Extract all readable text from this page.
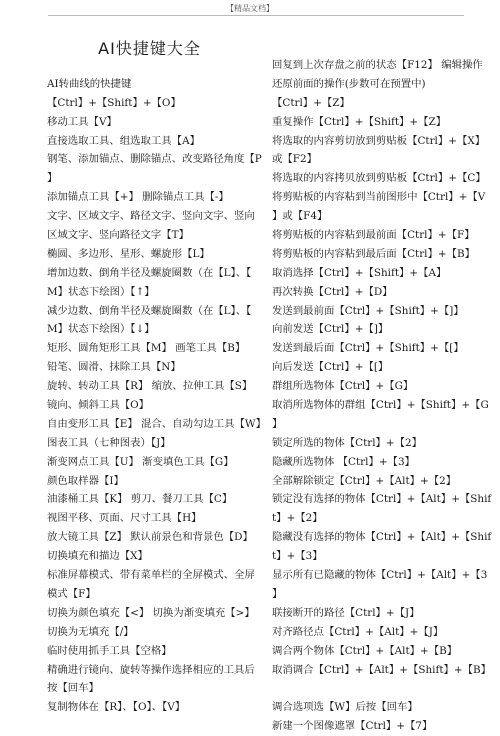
【精品文档】
AI快捷键大全
AI转曲线的快捷键
【Ctrl】+【Shift】+【O】
移动工具【V】
直接选取工具、组选取工具【A】
钢笔、添加锚点、删除锚点、改变路径角度【P
】
添加锚点工具【+】 删除锚点工具【-】
文字、区域文字、路径文字、竖向文字、竖向
区域文字、竖向路径文字【T】
椭圆、多边形、星形、螺旋形【L】
增加边数、倒角半径及螺旋圈数（在【L】、【
M】状态下绘图）【↑】
减少边数、倒角半径及螺旋圈数（在【L】、【
M】状态下绘图）【↓】
矩形、圆角矩形工具【M】 画笔工具【B】
铅笔、圆滑、抹除工具【N】
旋转、转动工具【R】 缩放、拉伸工具【S】
镜向、倾斜工具【O】
自由变形工具【E】 混合、自动勾边工具【W】
图表工具（七种图表）【J】
渐变网点工具【U】 渐变填色工具【G】
颜色取样器【I】
油漆桶工具【K】 剪刀、餐刀工具【C】
视图平移、页面、尺寸工具【H】
放大镜工具【Z】 默认前景色和背景色【D】
切换填充和描边【X】
标准屏幕模式、带有菜单栏的全屏模式、全屏
模式【F】
切换为颜色填充【<】 切换为渐变填充【>】
切换为无填充【/】
临时使用抓手工具【空格】
精确进行镜向、旋转等操作选择相应的工具后
按【回车】
复制物体在【R】、【O】、【V】
回复到上次存盘之前的状态【F12】 编辑操作
还原前面的操作(步数可在预置中)
【Ctrl】+【Z】
重复操作【Ctrl】+【Shift】+【Z】
将选取的内容剪切放到剪贴板【Ctrl】+【X】
或【F2】
将选取的内容拷贝放到剪贴板【Ctrl】+【C】
将剪贴板的内容粘到当前图形中【Ctrl】+【V
】或【F4】
将剪贴板的内容粘到最前面【Ctrl】+【F】
将剪贴板的内容粘到最后面【Ctrl】+【B】
取消选择【Ctrl】+【Shift】+【A】
再次转换【Ctrl】+【D】
发送到最前面【Ctrl】+【Shift】+【]】
向前发送【Ctrl】+【]】
发送到最后面【Ctrl】+【Shift】+【[】
向后发送【Ctrl】+【[】
群组所选物体【Ctrl】+【G】
取消所选物体的群组【Ctrl】+【Shift】+【G
】
锁定所选的物体【Ctrl】+【2】
隐藏所选物体 【Ctrl】+【3】
全部解除锁定【Ctrl】+【Alt】+【2】
锁定没有选择的物体【Ctrl】+【Alt】+【Shif
t】+【2】
隐藏没有选择的物体【Ctrl】+【Alt】+【Shif
t】+【3】
显示所有已隐藏的物体【Ctrl】+【Alt】+【3
】
联接断开的路径【Ctrl】+【J】
对齐路径点【Ctrl】+【Alt】+【J】
调合两个物体【Ctrl】+【Alt】+【B】
取消调合【Ctrl】+【Alt】+【Shift】+【B】
调合选项选【W】后按【回车】
新建一个图像遮罩【Ctrl】+【7】
